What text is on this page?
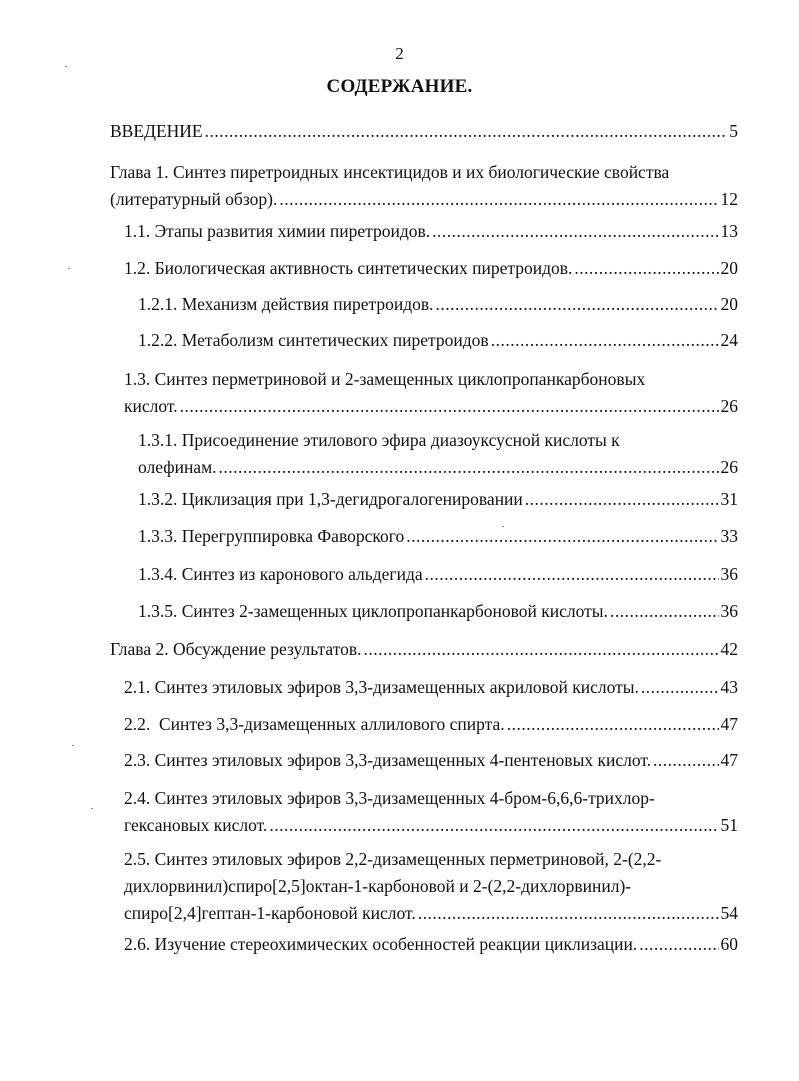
2
СОДЕРЖАНИЕ.
ВВЕДЕНИЕ .....	5
Глава 1. Синтез пиретроидных инсектицидов и их биологические свойства
(литературный обзор). .....	12
1.1. Этапы развития химии пиретроидов. .....	13
1.2. Биологическая активность синтетических пиретроидов. .....	20
1.2.1. Механизм действия пиретроидов. .....	20
1.2.2. Метаболизм синтетических пиретроидов .....	24
1.3. Синтез перметриновой и 2-замещенных циклопропанкарбоновых
кислот. .....	26
1.3.1. Присоединение этилового эфира диазоуксусной кислоты к
олефинам. .....	26
1.3.2. Циклизация при 1,3-дегидрогалогенировании .....	31
1.3.3. Перегруппировка Фаворского .....	33
1.3.4. Синтез из каронового альдегида .....	36
1.3.5. Синтез 2-замещенных циклопропанкарбоновой кислоты. .....	36
Глава 2. Обсуждение результатов. .....	42
2.1. Синтез этиловых эфиров 3,3-дизамещенных акриловой кислоты. .....	43
2.2.  Синтез 3,3-дизамещенных аллилового спирта. .....	47
2.3. Синтез этиловых эфиров 3,3-дизамещенных 4-пентеновых кислот. .....	47
2.4. Синтез этиловых эфиров 3,3-дизамещенных 4-бром-6,6,6-трихлор-
гексановых кислот. .....	51
2.5. Синтез этиловых эфиров 2,2-дизамещенных перметриновой, 2-(2,2-
дихлорвинил)спиро[2,5]октан-1-карбоновой и 2-(2,2-дихлорвинил)-
спиро[2,4]гептан-1-карбоновой кислот. .....	54
2.6. Изучение стереохимических особенностей реакции циклизации. .....	60
